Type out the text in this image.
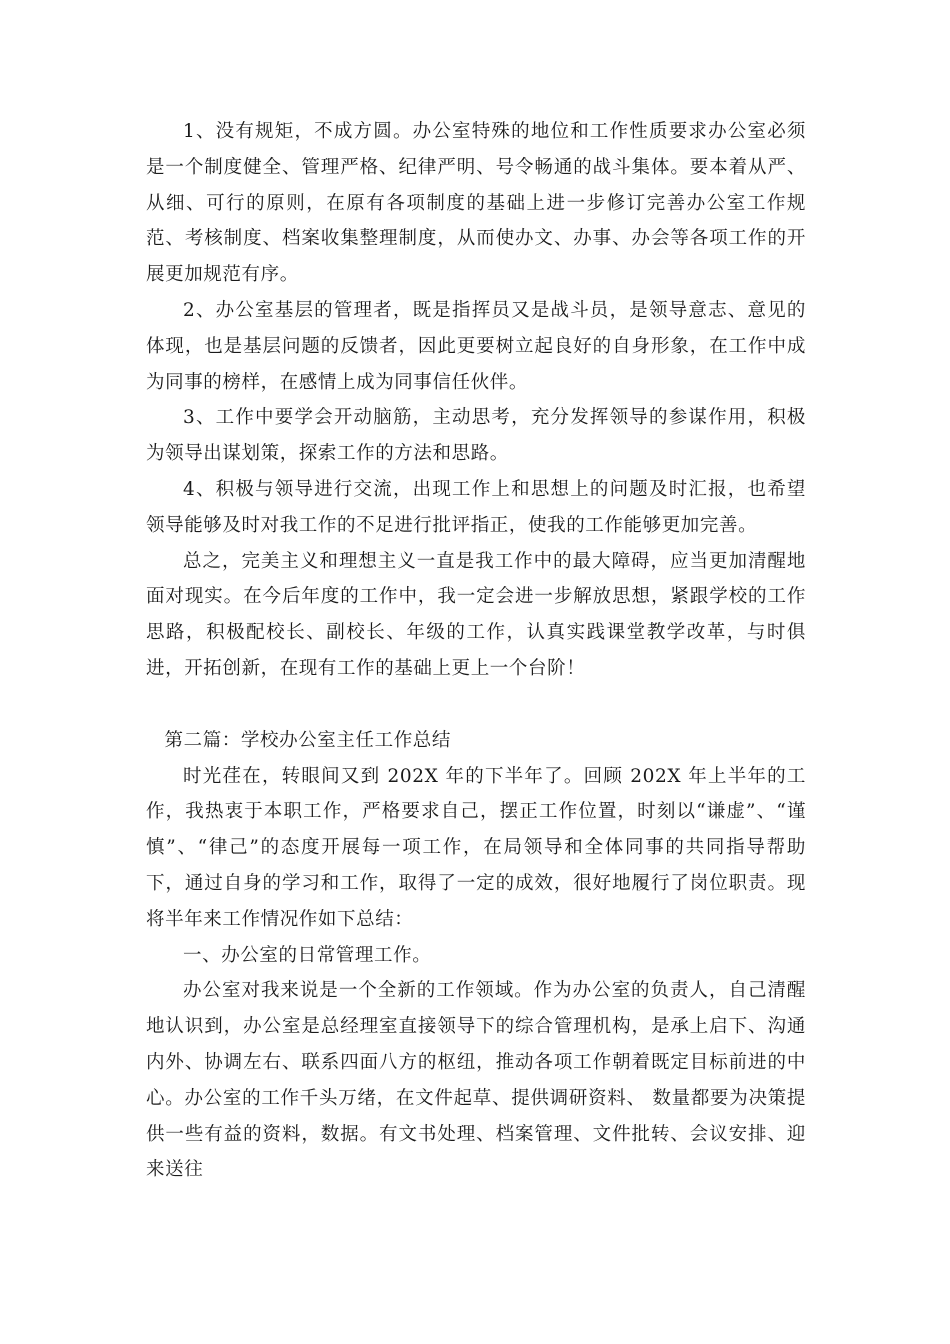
1、没有规矩，不成方圆。办公室特殊的地位和工作性质要求办公室必须是一个制度健全、管理严格、纪律严明、号令畅通的战斗集体。要本着从严、从细、可行的原则，在原有各项制度的基础上进一步修订完善办公室工作规范、考核制度、档案收集整理制度，从而使办文、办事、办会等各项工作的开展更加规范有序。

2、办公室基层的管理者，既是指挥员又是战斗员，是领导意志、意见的体现，也是基层问题的反馈者，因此更要树立起良好的自身形象，在工作中成为同事的榜样，在感情上成为同事信任伙伴。

3、工作中要学会开动脑筋，主动思考，充分发挥领导的参谋作用，积极为领导出谋划策，探索工作的方法和思路。

4、积极与领导进行交流，出现工作上和思想上的问题及时汇报，也希望领导能够及时对我工作的不足进行批评指正，使我的工作能够更加完善。

总之，完美主义和理想主义一直是我工作中的最大障碍，应当更加清醒地面对现实。在今后年度的工作中，我一定会进一步解放思想，紧跟学校的工作思路，积极配校长、副校长、年级的工作，认真实践课堂教学改革，与时俱进，开拓创新，在现有工作的基础上更上一个台阶！

第二篇：学校办公室主任工作总结

时光荏在，转眼间又到 202X 年的下半年了。回顾 202X 年上半年的工作，我热衷于本职工作，严格要求自己，摆正工作位置，时刻以“谦虚”、“谨慎”、“律己”的态度开展每一项工作，在局领导和全体同事的共同指导帮助下，通过自身的学习和工作，取得了一定的成效，很好地履行了岗位职责。现将半年来工作情况作如下总结：

一、办公室的日常管理工作。

办公室对我来说是一个全新的工作领域。作为办公室的负责人，自己清醒地认识到，办公室是总经理室直接领导下的综合管理机构，是承上启下、沟通内外、协调左右、联系四面八方的枢纽，推动各项工作朝着既定目标前进的中心。办公室的工作千头万绪，在文件起草、提供调研资料、 数量都要为决策提供一些有益的资料，数据。有文书处理、档案管理、文件批转、会议安排、迎来送往
